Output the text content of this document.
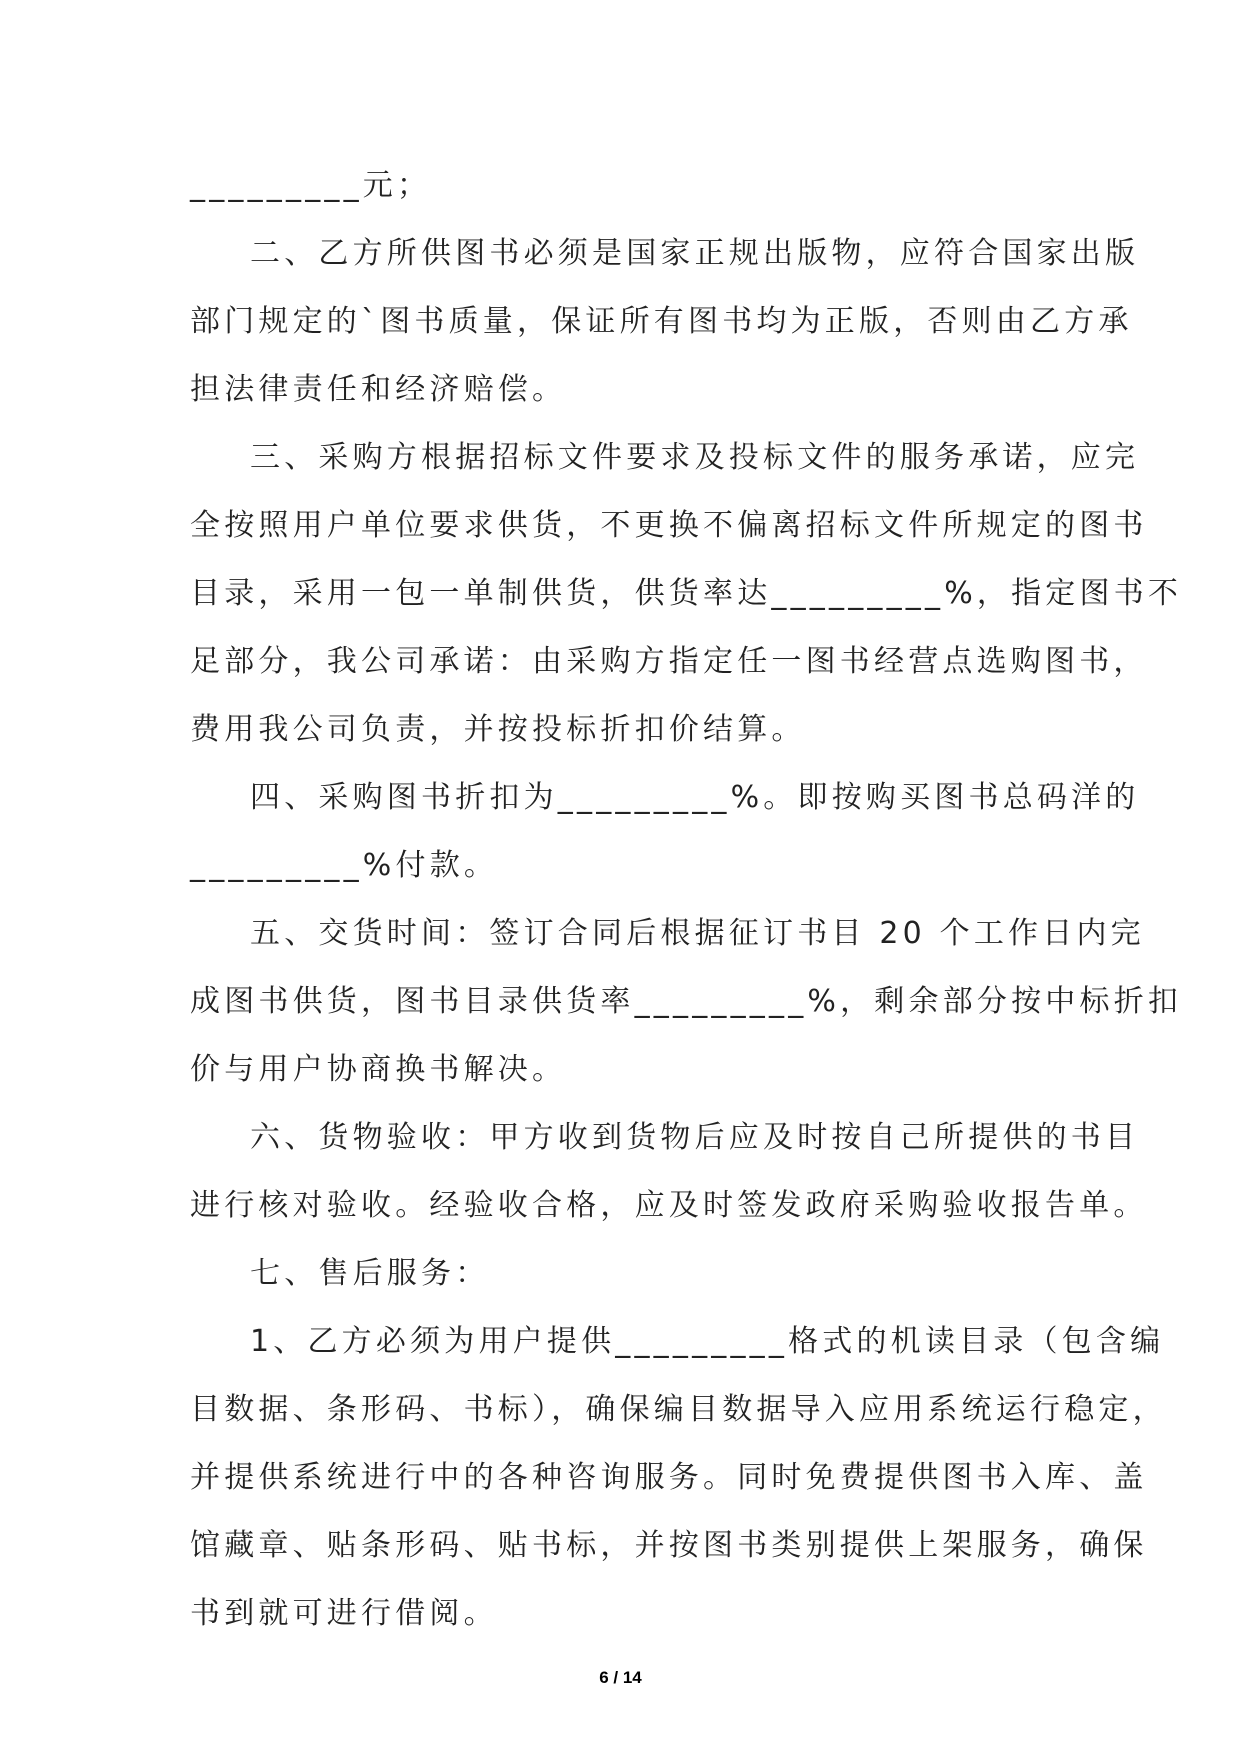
_________元；
二、乙方所供图书必须是国家正规出版物，应符合国家出版
部门规定的`图书质量，保证所有图书均为正版，否则由乙方承
担法律责任和经济赔偿。
三、采购方根据招标文件要求及投标文件的服务承诺，应完
全按照用户单位要求供货，不更换不偏离招标文件所规定的图书
目录，采用一包一单制供货，供货率达_________%，指定图书不
足部分，我公司承诺：由采购方指定任一图书经营点选购图书，
费用我公司负责，并按投标折扣价结算。
四、采购图书折扣为_________%。即按购买图书总码洋的
_________%付款。
五、交货时间：签订合同后根据征订书目 20 个工作日内完
成图书供货，图书目录供货率_________%，剩余部分按中标折扣
价与用户协商换书解决。
六、货物验收：甲方收到货物后应及时按自己所提供的书目
进行核对验收。经验收合格，应及时签发政府采购验收报告单。
七、售后服务：
1、乙方必须为用户提供_________格式的机读目录（包含编
目数据、条形码、书标），确保编目数据导入应用系统运行稳定，
并提供系统进行中的各种咨询服务。同时免费提供图书入库、盖
馆藏章、贴条形码、贴书标，并按图书类别提供上架服务，确保
书到就可进行借阅。
6 / 14
